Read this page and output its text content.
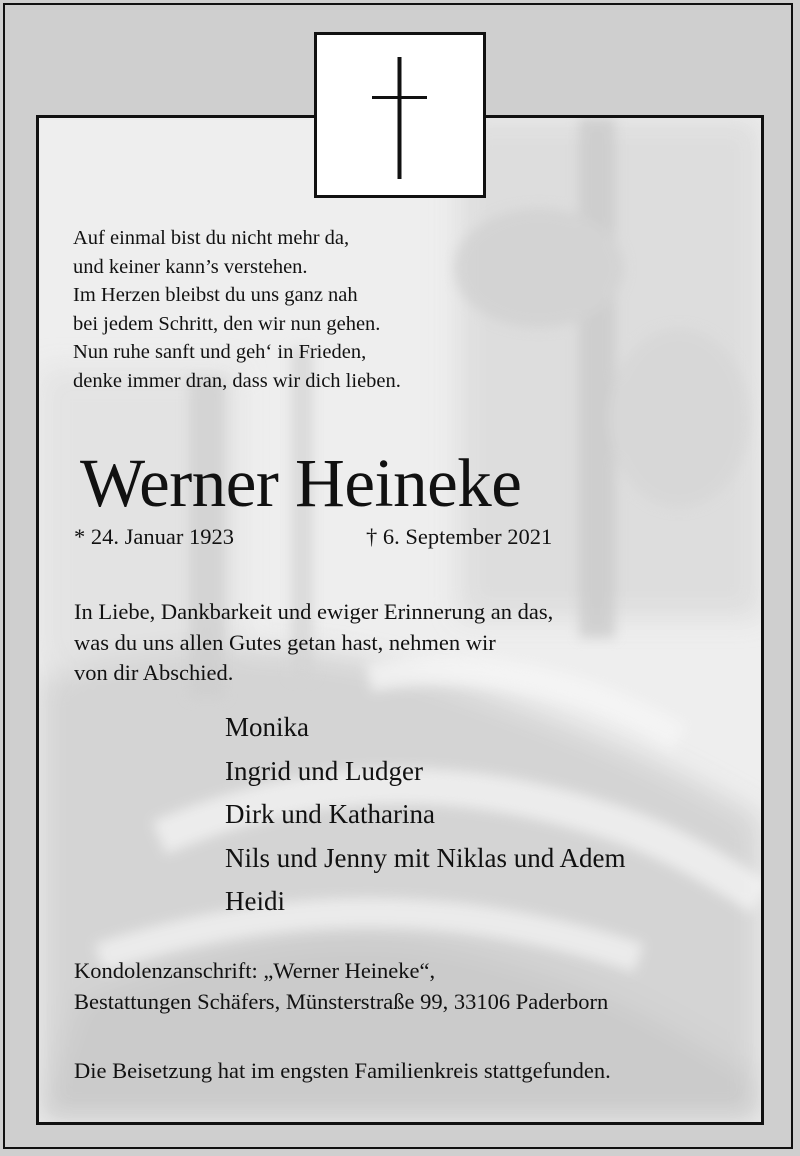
Auf einmal bist du nicht mehr da,
und keiner kann’s verstehen.
Im Herzen bleibst du uns ganz nah
bei jedem Schritt, den wir nun gehen.
Nun ruhe sanft und geh‘ in Frieden,
denke immer dran, dass wir dich lieben.
Werner Heineke
* 24. Januar 1923	† 6. September 2021
In Liebe, Dankbarkeit und ewiger Erinnerung an das,
was du uns allen Gutes getan hast, nehmen wir
von dir Abschied.
Monika
Ingrid und Ludger
Dirk und Katharina
Nils und Jenny mit Niklas und Adem
Heidi
Kondolenzanschrift: „Werner Heineke“,
Bestattungen Schäfers, Münsterstraße 99, 33106 Paderborn
Die Beisetzung hat im engsten Familienkreis stattgefunden.
